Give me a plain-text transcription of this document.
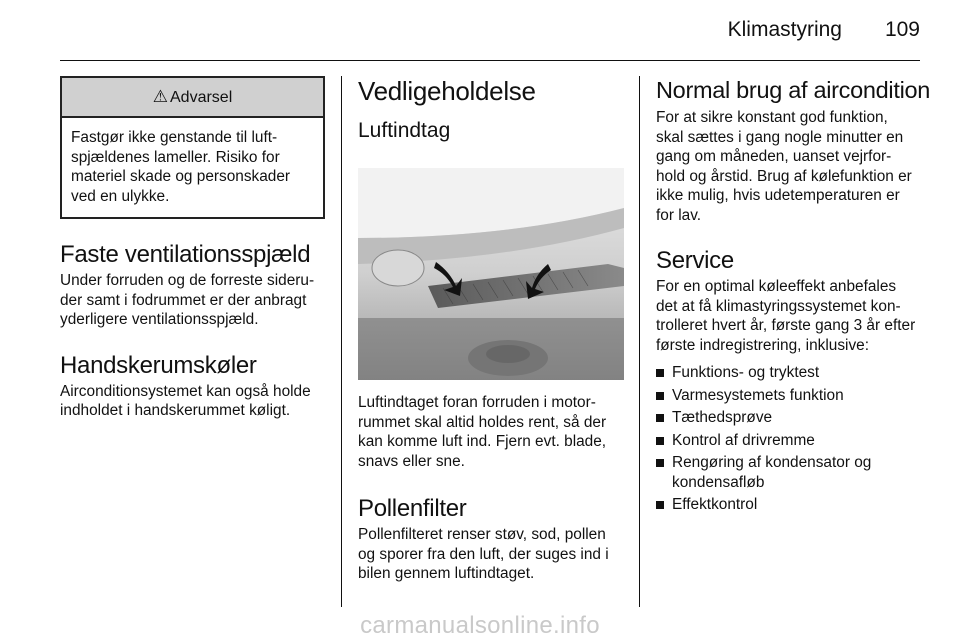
Klimastyring 109
⚠ Advarsel

Fastgør ikke genstande til luft-
spjældenes lameller. Risiko for
materiel skade og personskader
ved en ulykke.

Faste ventilationsspjæld

Under forruden og de forreste sideru-
der samt i fodrummet er der anbragt
yderligere ventilationsspjæld.

Handskerumskøler

Airconditionsystemet kan også holde
indholdet i handskerummet køligt.

Vedligeholdelse
Luftindtag

Luftindtaget foran forruden i motor-
rummet skal altid holdes rent, så der
kan komme luft ind. Fjern evt. blade,
snavs eller sne.

Pollenfilter

Pollenfilteret renser støv, sod, pollen
og sporer fra den luft, der suges ind i
bilen gennem luftindtaget.

Normal brug af aircondition

For at sikre konstant god funktion,
skal sættes i gang nogle minutter en
gang om måneden, uanset vejrfor-
hold og årstid. Brug af kølefunktion er
ikke mulig, hvis udetemperaturen er
for lav.

Service

For en optimal køleeffekt anbefales
det at få klimastyringssystemet kon-
trolleret hvert år, første gang 3 år efter
første indregistrering, inklusive:

Funktions- og tryktest
Varmesystemets funktion
Tæthedsprøve
Kontrol af drivremme
Rengøring af kondensator og
kondensafløb
Effektkontrol
carmanualsonline.info
